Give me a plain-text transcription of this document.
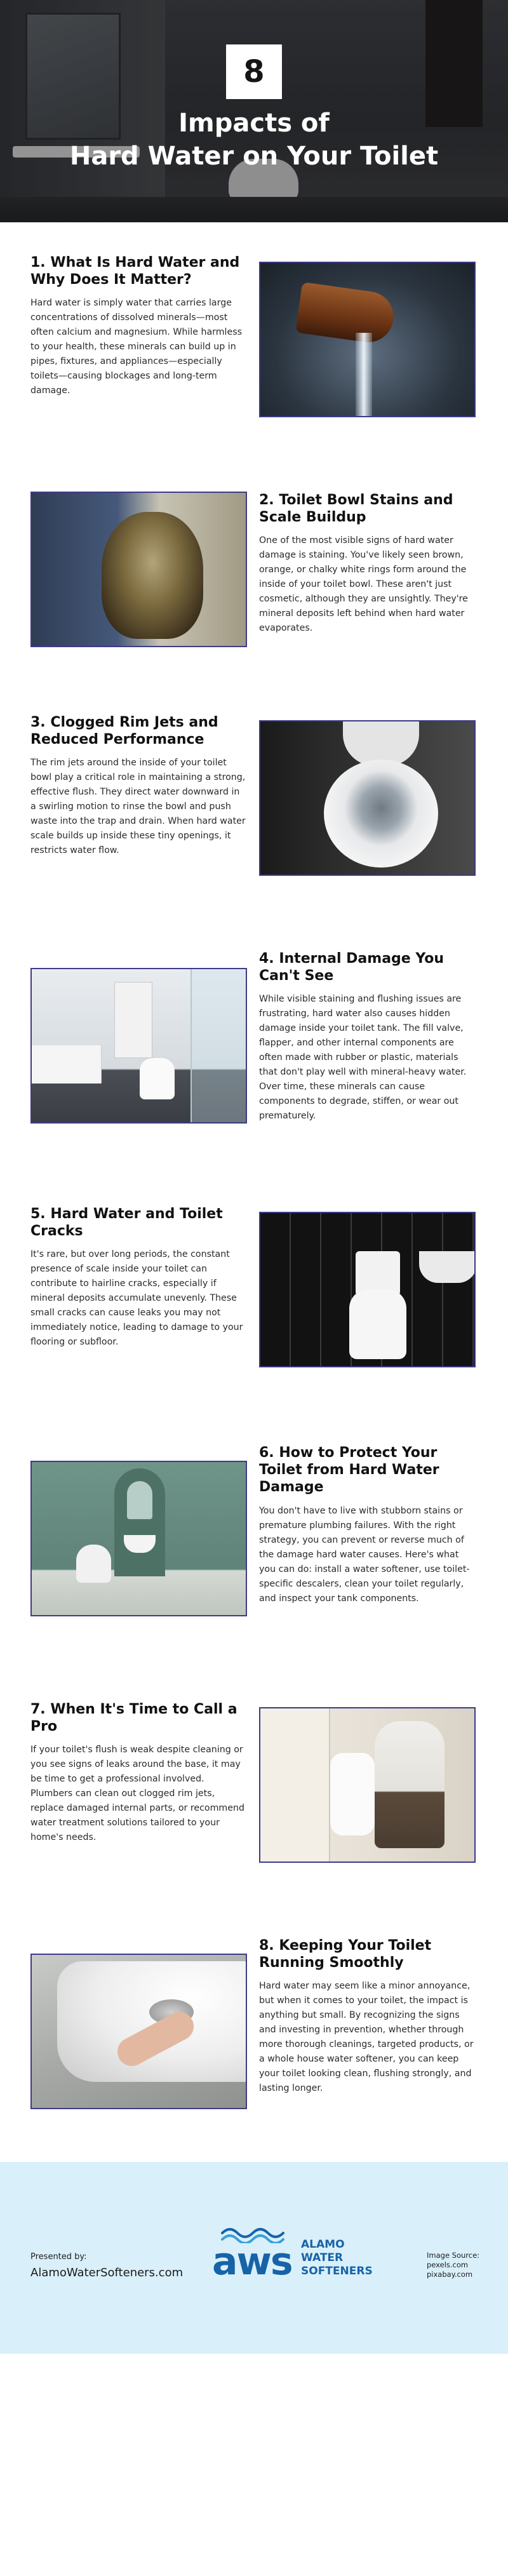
8
Impacts of
Hard Water on Your Toilet
1. What Is Hard Water and Why Does It Matter?
Hard water is simply water that carries large concentrations of dissolved minerals—most often calcium and magnesium. While harmless to your health, these minerals can build up in pipes, fixtures, and appliances—especially toilets—causing blockages and long-term damage.
2. Toilet Bowl Stains and Scale Buildup
One of the most visible signs of hard water damage is staining. You've likely seen brown, orange, or chalky white rings form around the inside of your toilet bowl. These aren't just cosmetic, although they are unsightly. They're mineral deposits left behind when hard water evaporates.
3. Clogged Rim Jets and Reduced Performance
The rim jets around the inside of your toilet bowl play a critical role in maintaining a strong, effective flush. They direct water downward in a swirling motion to rinse the bowl and push waste into the trap and drain. When hard water scale builds up inside these tiny openings, it restricts water flow.
4. Internal Damage You Can't See
While visible staining and flushing issues are frustrating, hard water also causes hidden damage inside your toilet tank. The fill valve, flapper, and other internal components are often made with rubber or plastic, materials that don't play well with mineral-heavy water. Over time, these minerals can cause components to degrade, stiffen, or wear out prematurely.
5. Hard Water and Toilet Cracks
It's rare, but over long periods, the constant presence of scale inside your toilet can contribute to hairline cracks, especially if mineral deposits accumulate unevenly. These small cracks can cause leaks you may not immediately notice, leading to damage to your flooring or subfloor.
6. How to Protect Your Toilet from Hard Water Damage
You don't have to live with stubborn stains or premature plumbing failures. With the right strategy, you can prevent or reverse much of the damage hard water causes. Here's what you can do: install a water softener, use toilet-specific descalers, clean your toilet regularly, and inspect your tank components.
7. When It's Time to Call a Pro
If your toilet's flush is weak despite cleaning or you see signs of leaks around the base, it may be time to get a professional involved. Plumbers can clean out clogged rim jets, replace damaged internal parts, or recommend water treatment solutions tailored to your home's needs.
8. Keeping Your Toilet Running Smoothly
Hard water may seem like a minor annoyance, but when it comes to your toilet, the impact is anything but small. By recognizing the signs and investing in prevention, whether through more thorough cleanings, targeted products, or a whole house water softener, you can keep your toilet looking clean, flushing strongly, and lasting longer.
Presented by:
AlamoWaterSofteners.com aws ALAMO
WATER
SOFTENERS
Image Source:
pexels.com
pixabay.com
